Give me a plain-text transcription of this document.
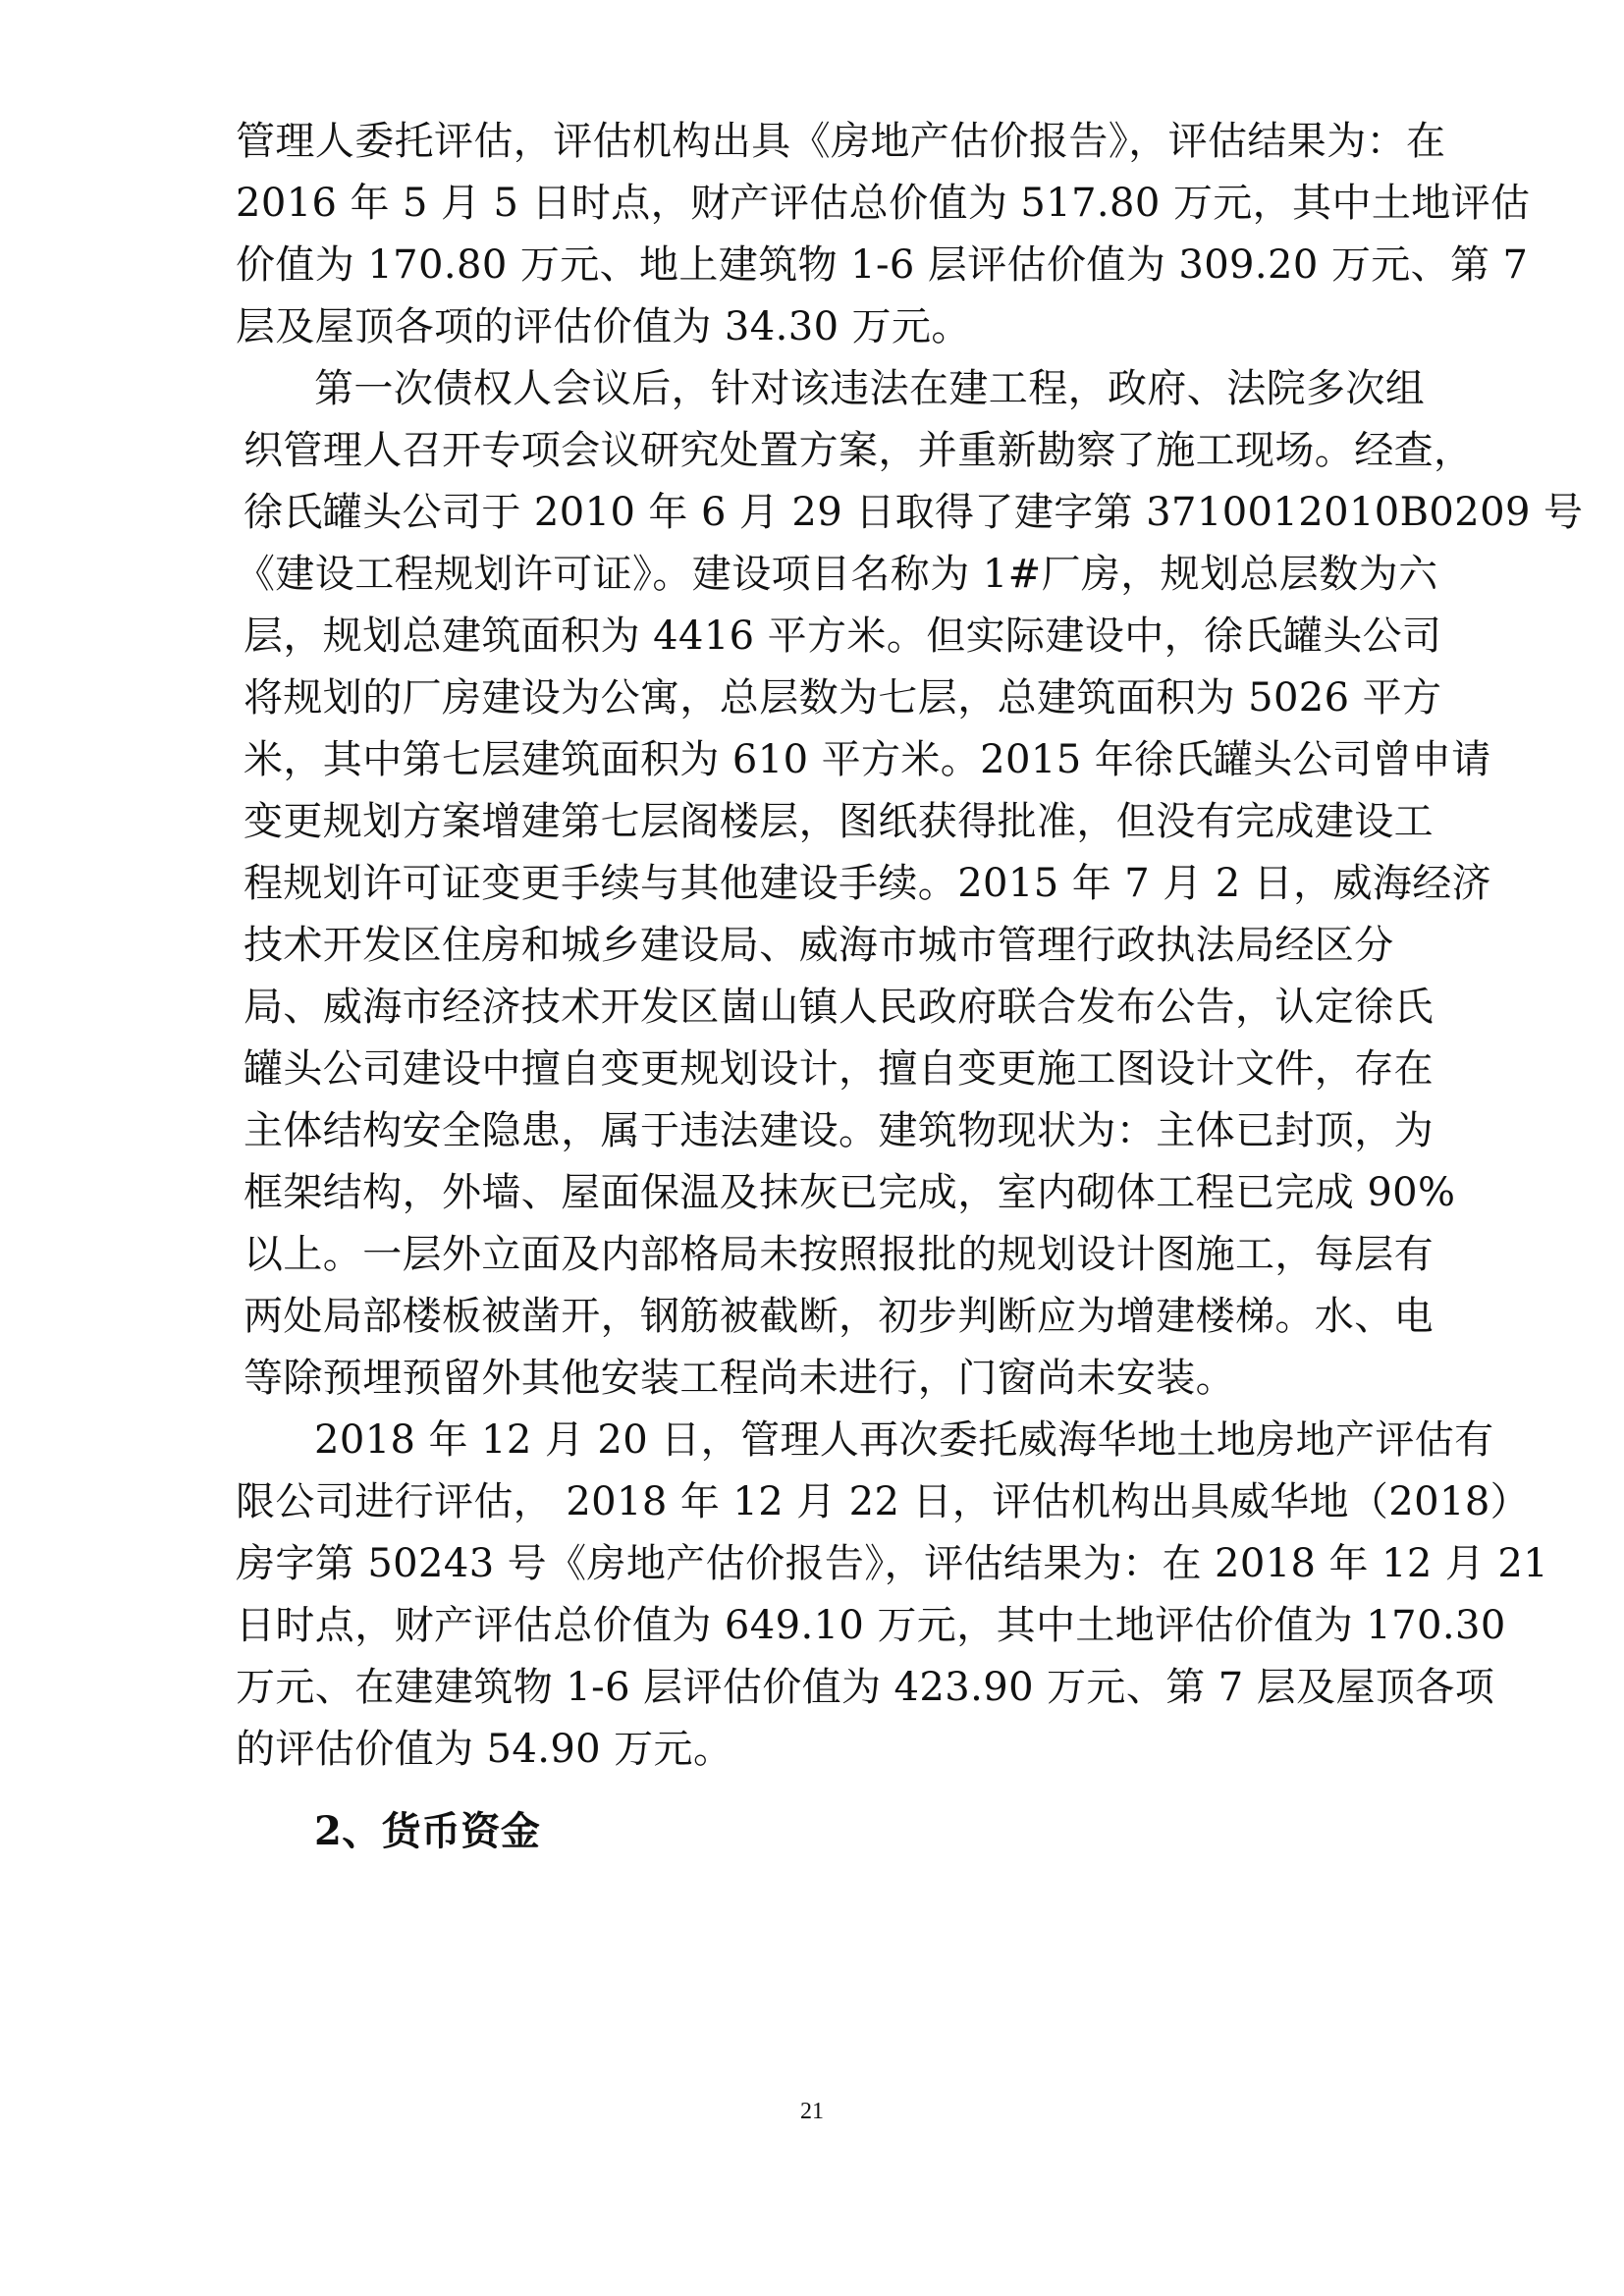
管理人委托评估，评估机构出具《房地产估价报告》，评估结果为：在
2016 年 5 月 5 日时点，财产评估总价值为 517.80 万元，其中土地评估
价值为 170.80 万元、地上建筑物 1-6 层评估价值为 309.20 万元、第 7
层及屋顶各项的评估价值为 34.30 万元。
第一次债权人会议后，针对该违法在建工程，政府、法院多次组
织管理人召开专项会议研究处置方案，并重新勘察了施工现场。经查，
徐氏罐头公司于 2010 年 6 月 29 日取得了建字第 3710012010B0209 号
《建设工程规划许可证》。建设项目名称为 1#厂房，规划总层数为六
层，规划总建筑面积为 4416 平方米。但实际建设中，徐氏罐头公司
将规划的厂房建设为公寓，总层数为七层，总建筑面积为 5026 平方
米，其中第七层建筑面积为 610 平方米。2015 年徐氏罐头公司曾申请
变更规划方案增建第七层阁楼层，图纸获得批准，但没有完成建设工
程规划许可证变更手续与其他建设手续。2015 年 7 月 2 日，威海经济
技术开发区住房和城乡建设局、威海市城市管理行政执法局经区分
局、威海市经济技术开发区崮山镇人民政府联合发布公告，认定徐氏
罐头公司建设中擅自变更规划设计，擅自变更施工图设计文件，存在
主体结构安全隐患，属于违法建设。建筑物现状为：主体已封顶，为
框架结构，外墙、屋面保温及抹灰已完成，室内砌体工程已完成 90%
以上。一层外立面及内部格局未按照报批的规划设计图施工，每层有
两处局部楼板被凿开，钢筋被截断，初步判断应为增建楼梯。水、电
等除预埋预留外其他安装工程尚未进行，门窗尚未安装。
2018 年 12 月 20 日，管理人再次委托威海华地土地房地产评估有
限公司进行评估， 2018 年 12 月 22 日，评估机构出具威华地（2018）
房字第 50243 号《房地产估价报告》，评估结果为：在 2018 年 12 月 21
日时点，财产评估总价值为 649.10 万元，其中土地评估价值为 170.30
万元、在建建筑物 1-6 层评估价值为 423.90 万元、第 7 层及屋顶各项
的评估价值为 54.90 万元。
2、货币资金
21
